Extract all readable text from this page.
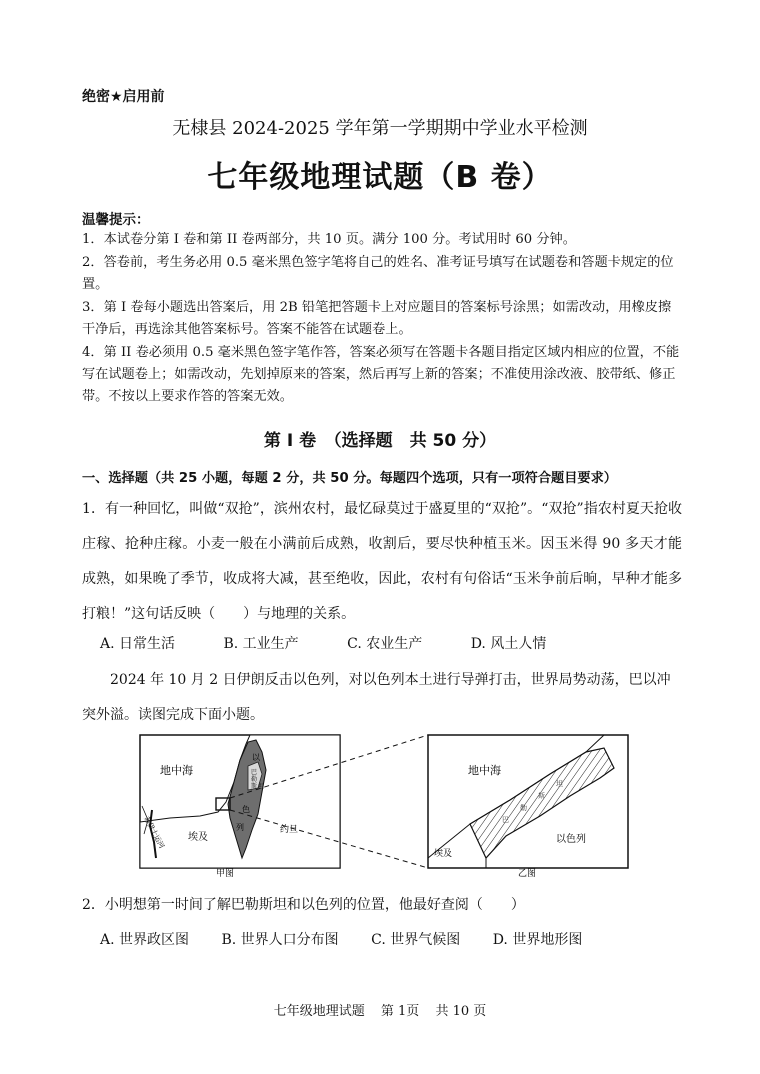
绝密★启用前
无棣县 2024-2025 学年第一学期期中学业水平检测
七年级地理试题（B 卷）
温馨提示：
1．本试卷分第 I 卷和第 II 卷两部分，共 10 页。满分 100 分。考试用时 60 分钟。
2．答卷前，考生务必用 0.5 毫米黑色签字笔将自己的姓名、准考证号填写在试题卷和答题卡规定的位置。
3．第 I 卷每小题选出答案后，用 2B 铅笔把答题卡上对应题目的答案标号涂黑；如需改动，用橡皮擦干净后，再选涂其他答案标号。答案不能答在试题卷上。
4．第 II 卷必须用 0.5 毫米黑色签字笔作答，答案必须写在答题卡各题目指定区域内相应的位置，不能写在试题卷上；如需改动，先划掉原来的答案，然后再写上新的答案；不准使用涂改液、胶带纸、修正带。不按以上要求作答的答案无效。
第 I 卷　（选择题　共 50 分）
一、选择题（共 25 小题，每题 2 分，共 50 分。每题四个选项，只有一项符合题目要求）
1．有一种回忆，叫做“双抢”，滨州农村，最忆碌莫过于盛夏里的“双抢”。“双抢”指农村夏天抢收庄稼、抢种庄稼。小麦一般在小满前后成熟，收割后，要尽快种植玉米。因玉米得 90 多天才能成熟，如果晚了季节，收成将大减，甚至绝收，因此，农村有句俗话“玉米争前后晌，早种才能多打粮！”这句话反映（　　）与地理的关系。
A. 日常生活	B. 工业生产	C. 农业生产	D. 风土人情
2024 年 10 月 2 日伊朗反击以色列，对以色列本土进行导弹打击，世界局势动荡，巴以冲突外溢。读图完成下面小题。
地中海
埃及
约旦
甲图
以
色
列
巴
勒
斯 坦
苏伊士运河
地中海
埃及
以色列
乙图
巴
勒
斯
坦
2．小明想第一时间了解巴勒斯坦和以色列的位置，他最好查阅（　　）
A. 世界政区图 B. 世界人口分布图 C. 世界气候图 D. 世界地形图
七年级地理试题 第 1页 共 10 页
